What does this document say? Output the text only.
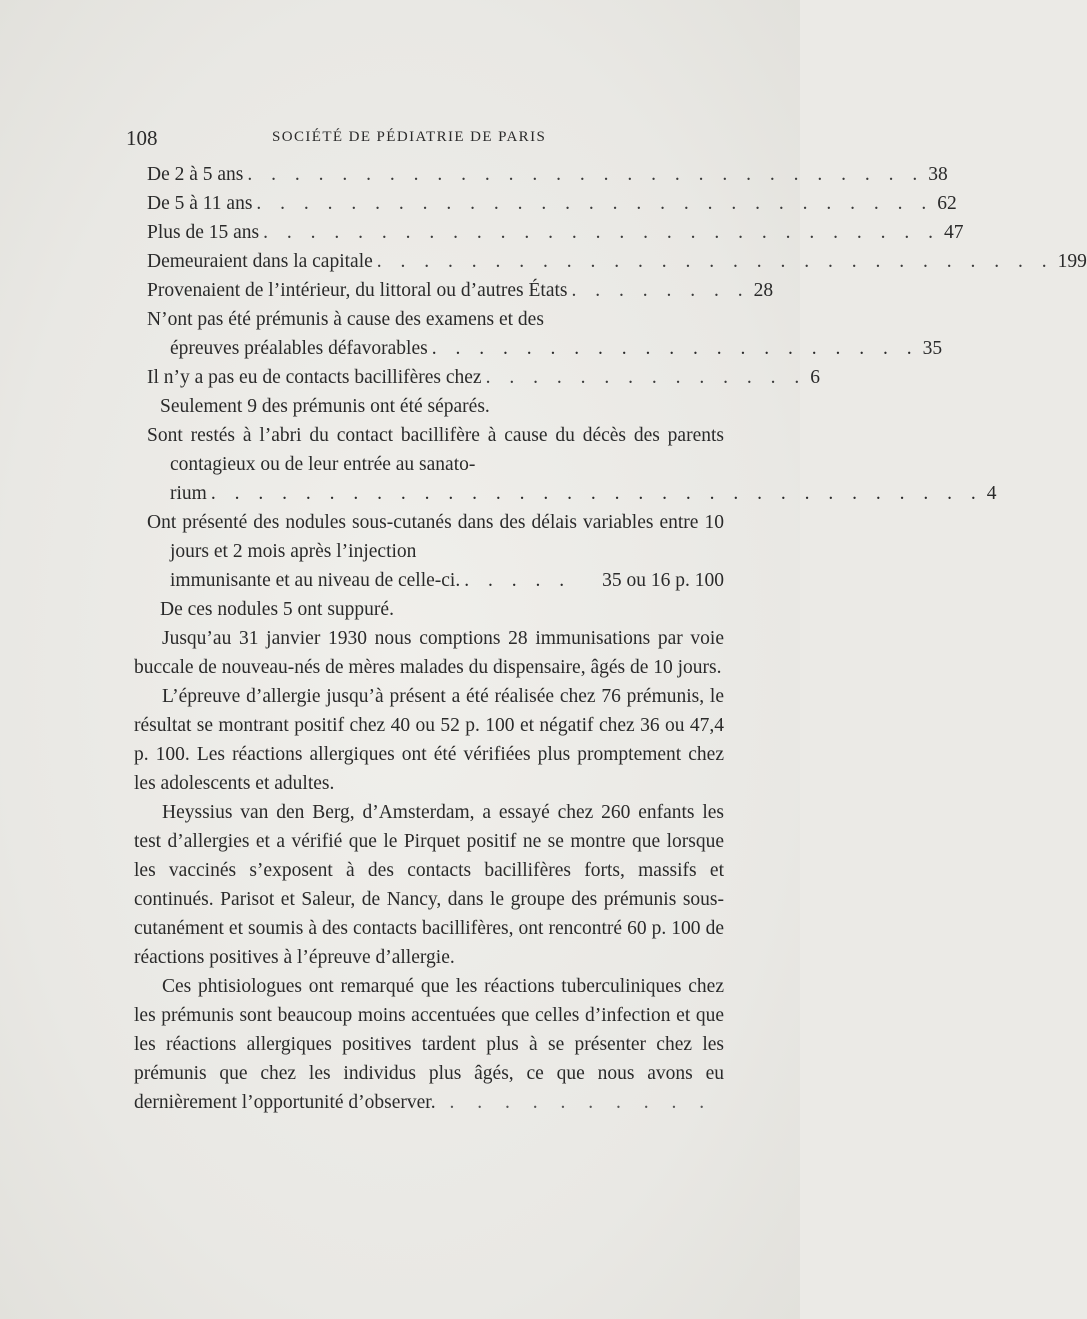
108	SOCIÉTÉ DE PÉDIATRIE DE PARIS
De 2 à 5 ans . . . . . . . . . . . . . . . . . . . . . . . . . . . . . 38
De 5 à 11 ans . . . . . . . . . . . . . . . . . . . . . . . . . . . . . 62
Plus de 15 ans . . . . . . . . . . . . . . . . . . . . . . . . . . . . . 47
Demeuraient dans la capitale . . . . . . . . . . . . . . . . . . . . . . . . . . . . . 199
Provenaient de l’intérieur, du littoral ou d’autres États . . . . . . . . 28
N’ont pas été prémunis à cause des examens et des
épreuves préalables défavorables . . . . . . . . . . . . . . . . . . . . . 35
Il n’y a pas eu de contacts bacillifères chez . . . . . . . . . . . . . . 6
Seulement 9 des prémunis ont été séparés.
Sont restés à l’abri du contact bacillifère à cause du décès des parents contagieux ou de leur entrée au sanato-
rium . . . . . . . . . . . . . . . . . . . . . . . . . . . . . . . . . 4
Ont présenté des nodules sous-cutanés dans des délais variables entre 10 jours et 2 mois après l’injection
immunisante et au niveau de celle-ci. . . . . .	35 ou 16 p. 100
De ces nodules 5 ont suppuré.

Jusqu’au 31 janvier 1930 nous comptions 28 immunisations par voie buccale de nouveau-nés de mères malades du dispensaire, âgés de 10 jours.

L’épreuve d’allergie jusqu’à présent a été réalisée chez 76 prémunis, le résultat se montrant positif chez 40 ou 52 p. 100 et négatif chez 36 ou 47,4 p. 100. Les réactions allergiques ont été vérifiées plus promptement chez les adolescents et adultes.

Heyssius van den Berg, d’Amsterdam, a essayé chez 260 enfants les test d’allergies et a vérifié que le Pirquet positif ne se montre que lorsque les vaccinés s’exposent à des contacts bacillifères forts, massifs et continués. Parisot et Saleur, de Nancy, dans le groupe des prémunis sous-cutanément et soumis à des contacts bacillifères, ont rencontré 60 p. 100 de réactions positives à l’épreuve d’allergie.

Ces phtisiologues ont remarqué que les réactions tuberculiniques chez les prémunis sont beaucoup moins accentuées que celles d’infection et que les réactions allergiques positives tardent plus à se présenter chez les prémunis que chez les individus plus âgés, ce que nous avons eu dernièrement l’opportunité d’observer. . . . . . . . . . .
